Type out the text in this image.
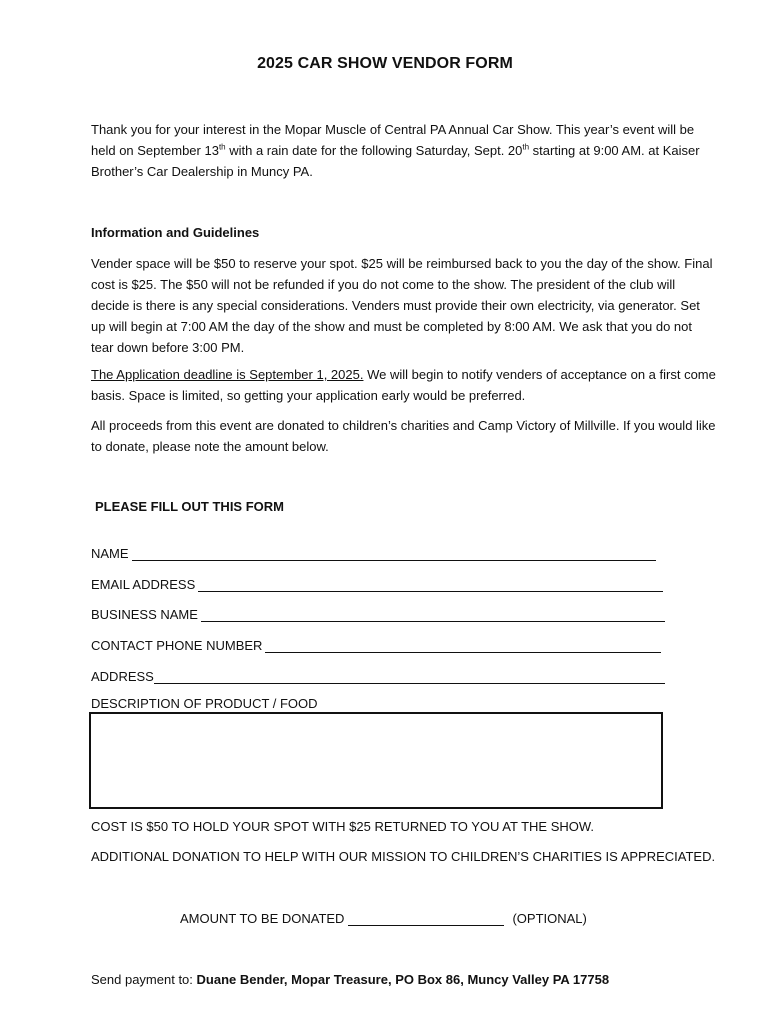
2025 CAR SHOW VENDOR FORM
Thank you for your interest in the Mopar Muscle of Central PA Annual Car Show. This year’s event will be held on September 13th with a rain date for the following Saturday, Sept. 20th starting at 9:00 AM. at Kaiser Brother’s Car Dealership in Muncy PA.
Information and Guidelines
Vender space will be $50 to reserve your spot. $25 will be reimbursed back to you the day of the show. Final cost is $25. The $50 will not be refunded if you do not come to the show. The president of the club will decide is there is any special considerations. Venders must provide their own electricity, via generator. Set up will begin at 7:00 AM the day of the show and must be completed by 8:00 AM. We ask that you do not tear down before 3:00 PM.
The Application deadline is September 1, 2025. We will begin to notify venders of acceptance on a first come basis. Space is limited, so getting your application early would be preferred.
All proceeds from this event are donated to children’s charities and Camp Victory of Millville. If you would like to donate, please note the amount below.
PLEASE FILL OUT THIS FORM
NAME
EMAIL ADDRESS
BUSINESS NAME
CONTACT PHONE NUMBER
ADDRESS
DESCRIPTION OF PRODUCT / FOOD
COST IS $50 TO HOLD YOUR SPOT WITH $25 RETURNED TO YOU AT THE SHOW.
ADDITIONAL DONATION TO HELP WITH OUR MISSION TO CHILDREN’S CHARITIES IS APPRECIATED.
AMOUNT TO BE DONATED	(OPTIONAL)
Send payment to: Duane Bender, Mopar Treasure, PO Box 86, Muncy Valley PA 17758
